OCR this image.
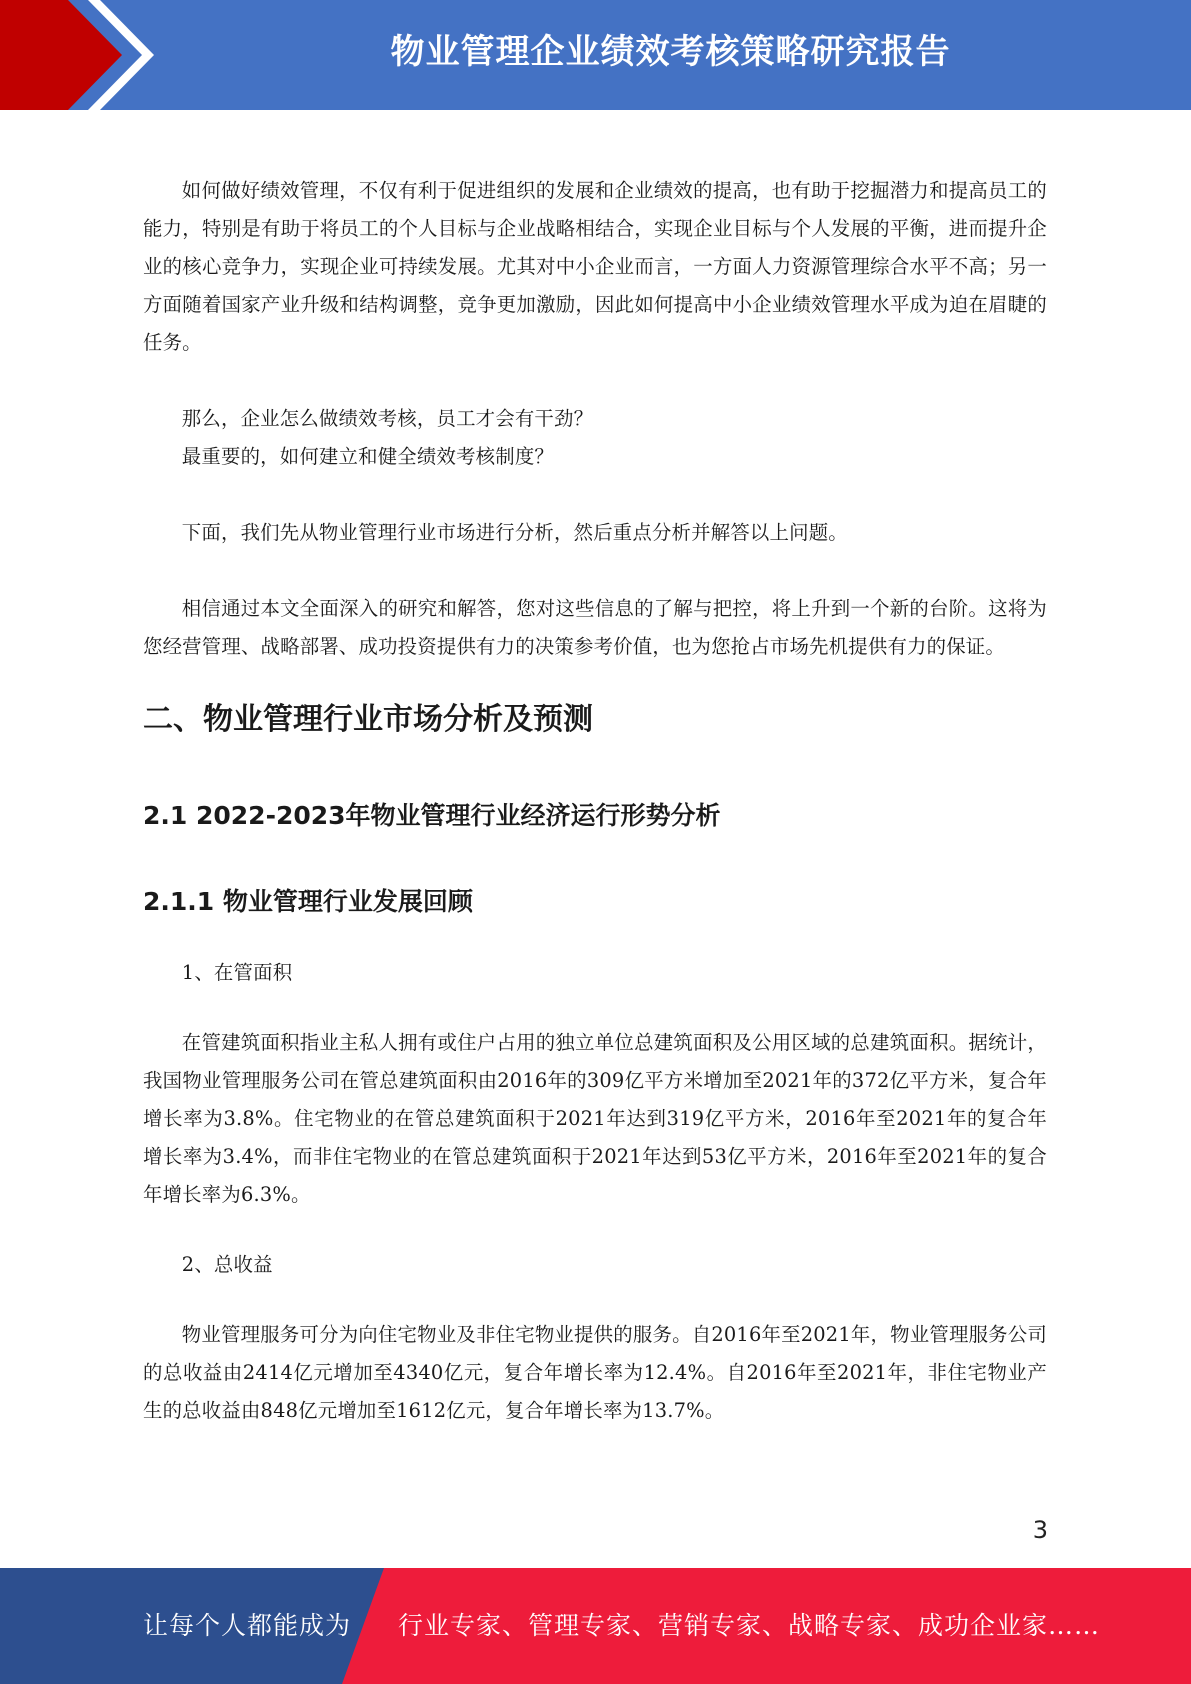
物业管理企业绩效考核策略研究报告

如何做好绩效管理，不仅有利于促进组织的发展和企业绩效的提高，也有助于挖掘潜力和提高员工的能力，特别是有助于将员工的个人目标与企业战略相结合，实现企业目标与个人发展的平衡，进而提升企业的核心竞争力，实现企业可持续发展。尤其对中小企业而言，一方面人力资源管理综合水平不高；另一方面随着国家产业升级和结构调整，竞争更加激励，因此如何提高中小企业绩效管理水平成为迫在眉睫的任务。

那么，企业怎么做绩效考核，员工才会有干劲？

最重要的，如何建立和健全绩效考核制度？

下面，我们先从物业管理行业市场进行分析，然后重点分析并解答以上问题。

相信通过本文全面深入的研究和解答，您对这些信息的了解与把控，将上升到一个新的台阶。这将为您经营管理、战略部署、成功投资提供有力的决策参考价值，也为您抢占市场先机提供有力的保证。

二、物业管理行业市场分析及预测
2.1 2022-2023年物业管理行业经济运行形势分析
2.1.1 物业管理行业发展回顾

1、在管面积

在管建筑面积指业主私人拥有或住户占用的独立单位总建筑面积及公用区域的总建筑面积。据统计，我国物业管理服务公司在管总建筑面积由2016年的309亿平方米增加至2021年的372亿平方米，复合年增长率为3.8%。住宅物业的在管总建筑面积于2021年达到319亿平方米，2016年至2021年的复合年增长率为3.4%，而非住宅物业的在管总建筑面积于2021年达到53亿平方米，2016年至2021年的复合年增长率为6.3%。

2、总收益

物业管理服务可分为向住宅物业及非住宅物业提供的服务。自2016年至2021年，物业管理服务公司的总收益由2414亿元增加至4340亿元，复合年增长率为12.4%。自2016年至2021年，非住宅物业产生的总收益由848亿元增加至1612亿元，复合年增长率为13.7%。

3
让每个人都能成为 行业专家、管理专家、营销专家、战略专家、成功企业家……
